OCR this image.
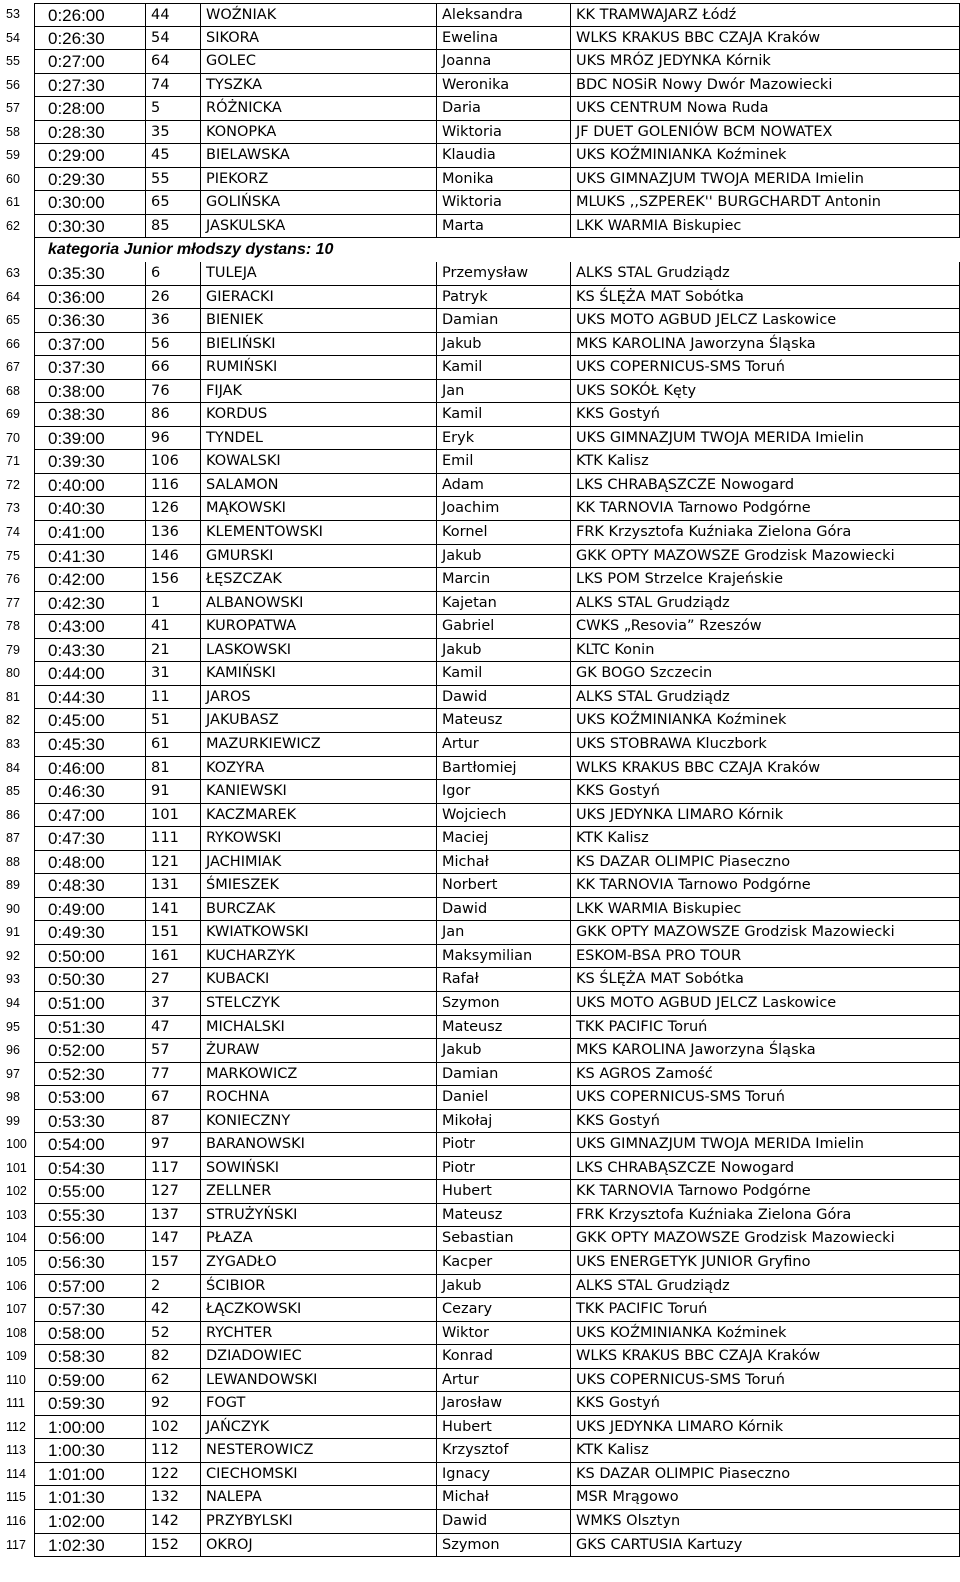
53	0:26:00	44	WOŹNIAK	Aleksandra	KK TRAMWAJARZ Łódź
54	0:26:30	54	SIKORA	Ewelina	WLKS KRAKUS BBC CZAJA Kraków
55	0:27:00	64	GOLEC	Joanna	UKS MRÓZ JEDYNKA Kórnik
56	0:27:30	74	TYSZKA	Weronika	BDC NOSiR Nowy Dwór Mazowiecki
57	0:28:00	5	RÓŻNICKA	Daria	UKS CENTRUM Nowa Ruda
58	0:28:30	35	KONOPKA	Wiktoria	JF DUET GOLENIÓW BCM NOWATEX
59	0:29:00	45	BIELAWSKA	Klaudia	UKS KOŹMINIANKA Koźminek
60	0:29:30	55	PIEKORZ	Monika	UKS GIMNAZJUM TWOJA MERIDA Imielin
61	0:30:00	65	GOLIŃSKA	Wiktoria	MLUKS ,,SZPEREK'' BURGCHARDT Antonin
62	0:30:30	85	JASKULSKA	Marta	LKK WARMIA Biskupiec
kategoria Junior młodszy dystans: 10
63	0:35:30	6	TULEJA	Przemysław	ALKS STAL Grudziądz
64	0:36:00	26	GIERACKI	Patryk	KS ŚLĘŻA MAT Sobótka
65	0:36:30	36	BIENIEK	Damian	UKS MOTO AGBUD JELCZ Laskowice
66	0:37:00	56	BIELIŃSKI	Jakub	MKS KAROLINA Jaworzyna Śląska
67	0:37:30	66	RUMIŃSKI	Kamil	UKS COPERNICUS-SMS Toruń
68	0:38:00	76	FIJAK	Jan	UKS SOKÓŁ Kęty
69	0:38:30	86	KORDUS	Kamil	KKS Gostyń
70	0:39:00	96	TYNDEL	Eryk	UKS GIMNAZJUM TWOJA MERIDA Imielin
71	0:39:30	106	KOWALSKI	Emil	KTK Kalisz
72	0:40:00	116	SALAMON	Adam	LKS CHRABĄSZCZE Nowogard
73	0:40:30	126	MĄKOWSKI	Joachim	KK TARNOVIA Tarnowo Podgórne
74	0:41:00	136	KLEMENTOWSKI	Kornel	FRK Krzysztofa Kuźniaka Zielona Góra
75	0:41:30	146	GMURSKI	Jakub	GKK OPTY MAZOWSZE Grodzisk Mazowiecki
76	0:42:00	156	ŁĘSZCZAK	Marcin	LKS POM Strzelce Krajeńskie
77	0:42:30	1	ALBANOWSKI	Kajetan	ALKS STAL Grudziądz
78	0:43:00	41	KUROPATWA	Gabriel	CWKS „Resovia” Rzeszów
79	0:43:30	21	LASKOWSKI	Jakub	KLTC Konin
80	0:44:00	31	KAMIŃSKI	Kamil	GK BOGO Szczecin
81	0:44:30	11	JAROS	Dawid	ALKS STAL Grudziądz
82	0:45:00	51	JAKUBASZ	Mateusz	UKS KOŹMINIANKA Koźminek
83	0:45:30	61	MAZURKIEWICZ	Artur	UKS STOBRAWA Kluczbork
84	0:46:00	81	KOZYRA	Bartłomiej	WLKS KRAKUS BBC CZAJA Kraków
85	0:46:30	91	KANIEWSKI	Igor	KKS Gostyń
86	0:47:00	101	KACZMAREK	Wojciech	UKS JEDYNKA LIMARO Kórnik
87	0:47:30	111	RYKOWSKI	Maciej	KTK Kalisz
88	0:48:00	121	JACHIMIAK	Michał	KS DAZAR OLIMPIC Piaseczno
89	0:48:30	131	ŚMIESZEK	Norbert	KK TARNOVIA Tarnowo Podgórne
90	0:49:00	141	BURCZAK	Dawid	LKK WARMIA Biskupiec
91	0:49:30	151	KWIATKOWSKI	Jan	GKK OPTY MAZOWSZE Grodzisk Mazowiecki
92	0:50:00	161	KUCHARZYK	Maksymilian	ESKOM-BSA PRO TOUR
93	0:50:30	27	KUBACKI	Rafał	KS ŚLĘŻA MAT Sobótka
94	0:51:00	37	STELCZYK	Szymon	UKS MOTO AGBUD JELCZ Laskowice
95	0:51:30	47	MICHALSKI	Mateusz	TKK PACIFIC Toruń
96	0:52:00	57	ŻURAW	Jakub	MKS KAROLINA Jaworzyna Śląska
97	0:52:30	77	MARKOWICZ	Damian	KS AGROS Zamość
98	0:53:00	67	ROCHNA	Daniel	UKS COPERNICUS-SMS Toruń
99	0:53:30	87	KONIECZNY	Mikołaj	KKS Gostyń
100	0:54:00	97	BARANOWSKI	Piotr	UKS GIMNAZJUM TWOJA MERIDA Imielin
101	0:54:30	117	SOWIŃSKI	Piotr	LKS CHRABĄSZCZE Nowogard
102	0:55:00	127	ZELLNER	Hubert	KK TARNOVIA Tarnowo Podgórne
103	0:55:30	137	STRUŻYŃSKI	Mateusz	FRK Krzysztofa Kuźniaka Zielona Góra
104	0:56:00	147	PŁAZA	Sebastian	GKK OPTY MAZOWSZE Grodzisk Mazowiecki
105	0:56:30	157	ZYGADŁO	Kacper	UKS ENERGETYK JUNIOR Gryfino
106	0:57:00	2	ŚCIBIOR	Jakub	ALKS STAL Grudziądz
107	0:57:30	42	ŁĄCZKOWSKI	Cezary	TKK PACIFIC Toruń
108	0:58:00	52	RYCHTER	Wiktor	UKS KOŹMINIANKA Koźminek
109	0:58:30	82	DZIADOWIEC	Konrad	WLKS KRAKUS BBC CZAJA Kraków
110	0:59:00	62	LEWANDOWSKI	Artur	UKS COPERNICUS-SMS Toruń
111	0:59:30	92	FOGT	Jarosław	KKS Gostyń
112	1:00:00	102	JAŃCZYK	Hubert	UKS JEDYNKA LIMARO Kórnik
113	1:00:30	112	NESTEROWICZ	Krzysztof	KTK Kalisz
114	1:01:00	122	CIECHOMSKI	Ignacy	KS DAZAR OLIMPIC Piaseczno
115	1:01:30	132	NALEPA	Michał	MSR Mrągowo
116	1:02:00	142	PRZYBYLSKI	Dawid	WMKS Olsztyn
117	1:02:30	152	OKROJ	Szymon	GKS CARTUSIA Kartuzy
